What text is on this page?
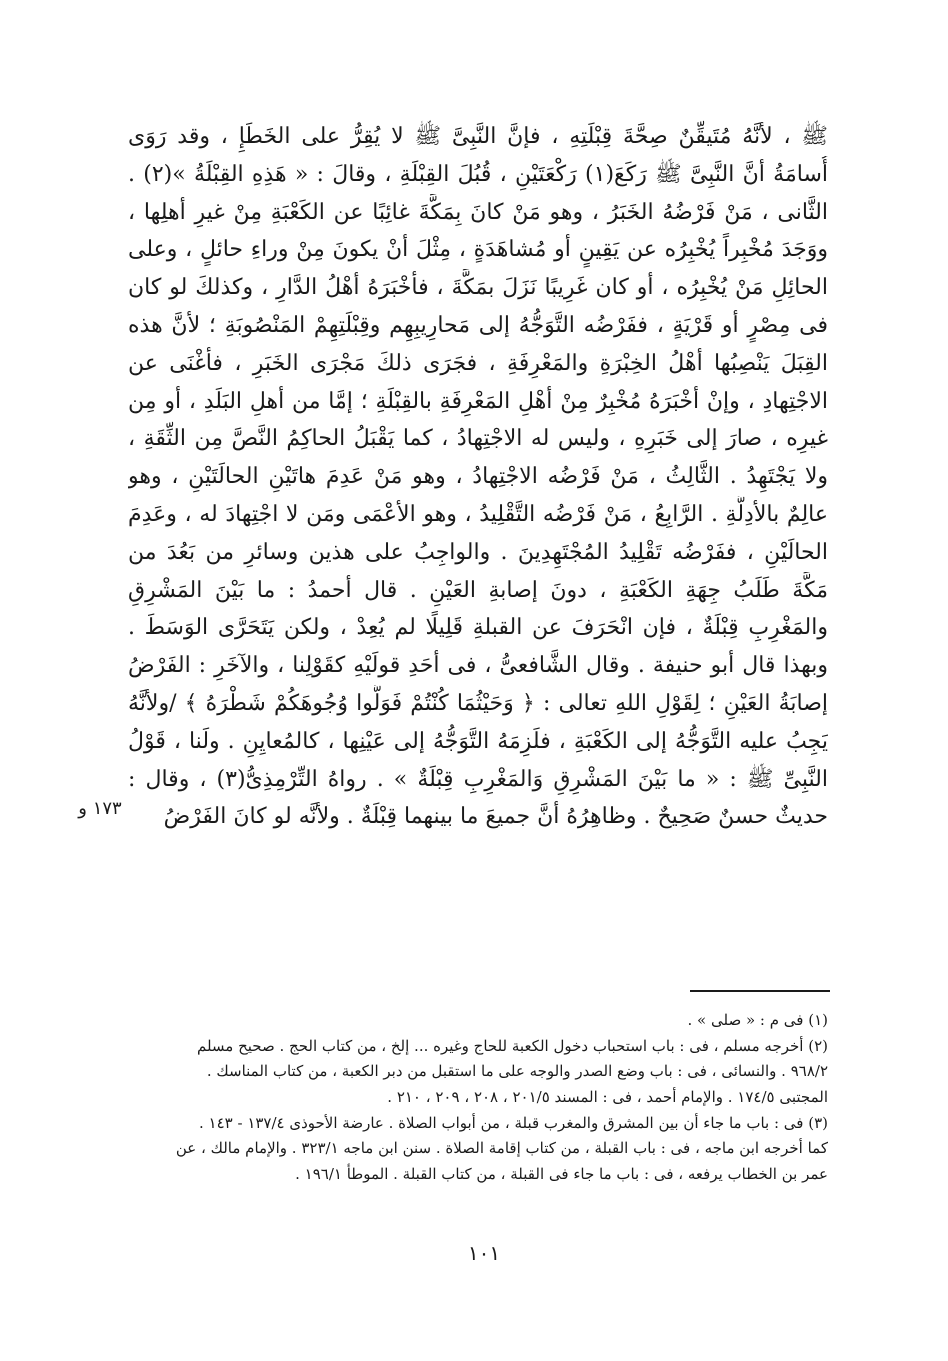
ﷺ ، لأنَّهُ مُتَيقِّنٌ صِحَّةَ قِبْلَتِهِ ، فإنَّ النَّبِىَّ ﷺ لا يُقِرُّ على الخَطَإِ ، وقد رَوَى
أُسامَةُ أنَّ النَّبِىَّ ﷺ رَكَعَ(١) رَكْعَتَيْنِ ، قُبُلَ القِبْلَةِ ، وقالَ : « هَذِهِ القِبْلَةُ »(٢) .
الثَّانى ، مَنْ فَرْضُهُ الخَبَرُ ، وهو مَنْ كانَ بِمَكَّةَ غائِبًا عن الكَعْبَةِ مِنْ غيرِ أهلِها ،
ووَجَدَ مُخْبِراً يُخْبِرُه عن يَقِينٍ أو مُشاهَدَةٍ ، مِثْلَ أنْ يكونَ مِنْ وراءِ حائلٍ ، وعلى
الحائِلِ مَنْ يُخْبِرُه ، أو كان غَرِيبًا نَزَلَ بمَكَّةَ ، فأخْبَرَهُ أهْلُ الدَّارِ ، وكذلكَ لو كان
فى مِصْرٍ أو قَرْيَةٍ ، ففَرْضُه التَّوَجُّهُ إلى مَحارِيبِهِم وقِبْلَتِهِمْ المَنْصُوبَةِ ؛ لأنَّ هذه
القِبَلَ يَنْصِبُها أهْلُ الخِبْرَةِ والمَعْرِفَةِ ، فجَرَى ذلكَ مَجْرَى الخَبَرِ ، فأغْنَى عن
الاجْتِهادِ ، وإنْ أخْبَرَهُ مُخْبِرٌ مِنْ أهْلِ المَعْرِفَةِ بالقِبْلَةِ ؛ إمَّا من أهلِ البَلَدِ ، أو مِن
غيرِه ، صارَ إلى خَبَرِهِ ، وليس له الاجْتِهادُ ، كما يَقْبَلُ الحاكِمُ النَّصَّ مِن الثِّقَةِ ،
ولا يَجْتَهِدُ . الثَّالِثُ ، مَنْ فَرْضُه الاجْتِهادُ ، وهو مَنْ عَدِمَ هاتَيْنِ الحالَتَيْنِ ، وهو
عالِمٌ بالأدِلَّةِ . الرَّابِعُ ، مَنْ فَرْضُه التَّقْلِيدُ ، وهو الأعْمَى ومَن لا اجْتِهادَ له ، وعَدِمَ
الحالَيْنِ ، ففَرْضُه تَقْلِيدُ المُجْتَهِدِينَ . والواجِبُ على هذين وسائرِ من بَعُدَ من
مَكَّةَ طَلَبُ جِهَةِ الكَعْبَةِ ، دونَ إصابةِ العَيْنِ . قال أحمدُ : ما بَيْنَ المَشْرِقِ
والمَغْرِبِ قِبْلَةٌ ، فإن انْحَرَفَ عن القبلةِ قَلِيلًا لم يُعِدْ ، ولكن يَتَحَرَّى الوَسَطَ .
وبهذا قال أبو حنيفة . وقال الشَّافعىُّ ، فى أحَدِ قولَيْهِ كقَوْلِنا ، والآخَرِ : الفَرْضُ
إصابَةُ العَيْنِ ؛ لِقَوْلِ اللهِ تعالى : ﴿ وَحَيْثُمَا كُنْتُمْ فَوَلُّوا وُجُوهَكُمْ شَطْرَهُ ﴾ /ولأنَّهُ
يَجِبُ عليه التَّوَجُّهُ إلى الكَعْبَةِ ، فلَزِمَهُ التَّوَجُّهُ إلى عَيْنِها ، كالمُعايِنِ . ولَنا ، قَوْلُ
النَّبِىِّ ﷺ : « ما بَيْنَ المَشْرِقِ وَالمَغْرِبِ قِبْلَةٌ » . رواهُ التِّرْمِذِىُّ(٣) ، وقال :
حديثٌ حسنٌ صَحِيحٌ . وظاهِرُهُ أنَّ جميعَ ما بينهما قِبْلَةٌ . ولأنَّه لو كانَ الفَرْضُ
١٧٣ و
(١) فى م : « صلى » .
(٢) أخرجه مسلم ، فى : باب استحباب دخول الكعبة للحاج وغيره ... إلخ ، من كتاب الحج . صحيح مسلم
٩٦٨/٢ . والنسائى ، فى : باب وضع الصدر والوجه على ما استقبل من دبر الكعبة ، من كتاب المناسك .
المجتبى ١٧٤/٥ . والإمام أحمد ، فى : المسند ٢٠١/٥ ، ٢٠٨ ، ٢٠٩ ، ٢١٠ .
(٣) فى : باب ما جاء أن بين المشرق والمغرب قبلة ، من أبواب الصلاة . عارضة الأحوذى ١٣٧/٤ - ١٤٣ .
كما أخرجه ابن ماجه ، فى : باب القبلة ، من كتاب إقامة الصلاة . سنن ابن ماجه ٣٢٣/١ . والإمام مالك ، عن
عمر بن الخطاب يرفعه ، فى : باب ما جاء فى القبلة ، من كتاب القبلة . الموطأ ١٩٦/١ .
١٠١
